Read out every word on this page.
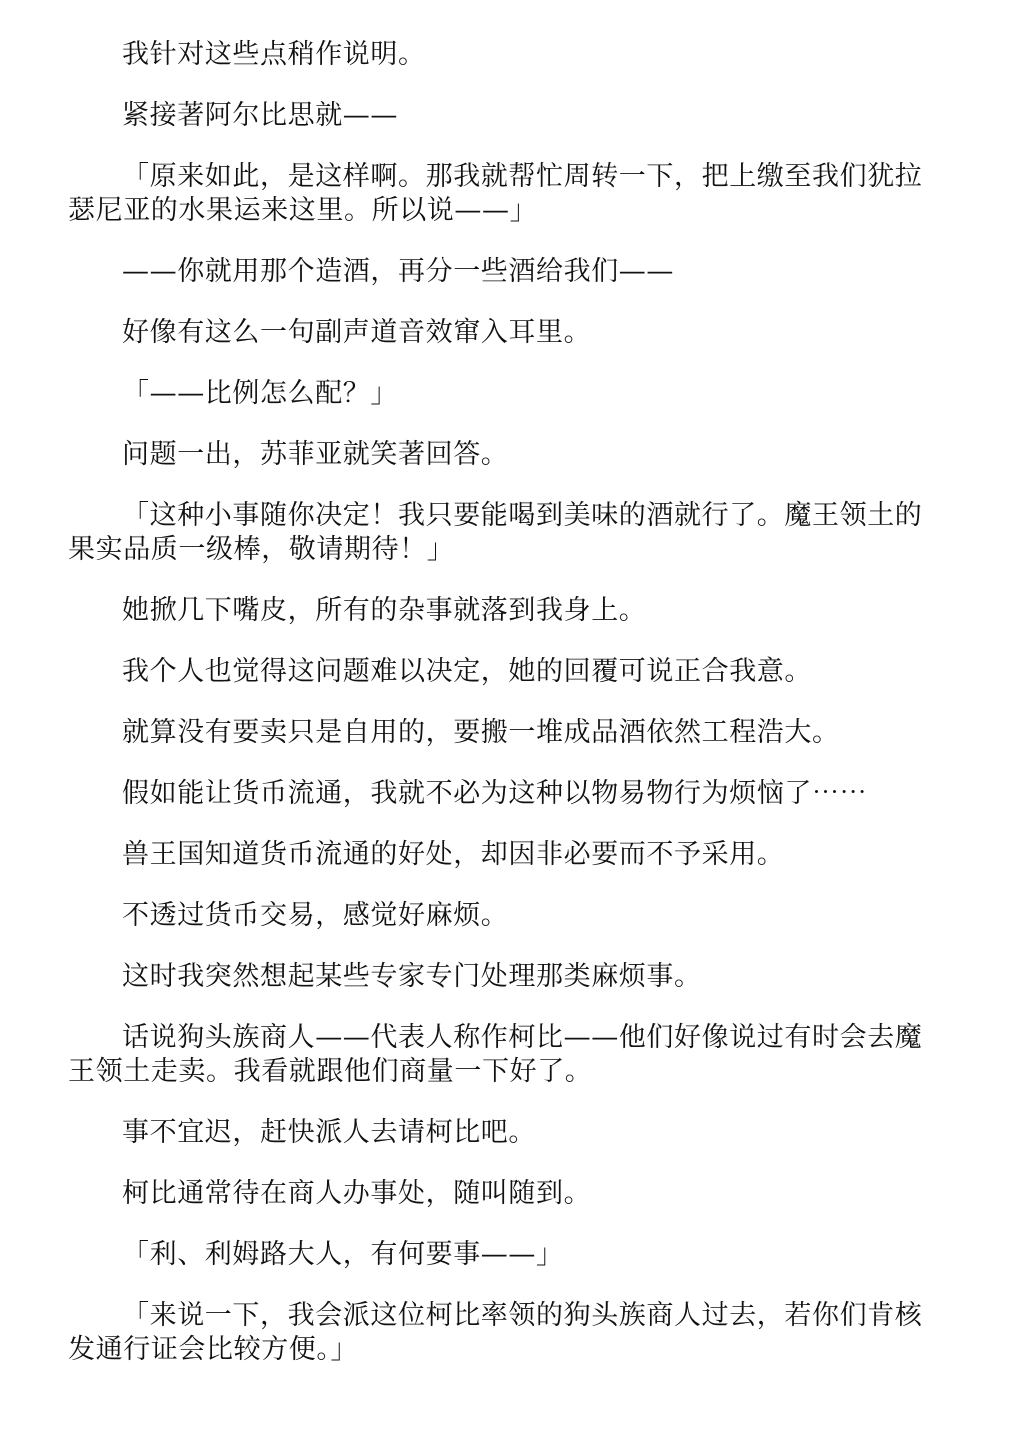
我针对这些点稍作说明。

紧接著阿尔比思就——

「原来如此，是这样啊。那我就帮忙周转一下，把上缴至我们犹拉瑟尼亚的水果运来这里。所以说——」

——你就用那个造酒，再分一些酒给我们——

好像有这么一句副声道音效窜入耳里。

「——比例怎么配？」

问题一出，苏菲亚就笑著回答。

「这种小事随你决定！我只要能喝到美味的酒就行了。魔王领土的果实品质一级棒，敬请期待！」

她掀几下嘴皮，所有的杂事就落到我身上。

我个人也觉得这问题难以决定，她的回覆可说正合我意。

就算没有要卖只是自用的，要搬一堆成品酒依然工程浩大。

假如能让货币流通，我就不必为这种以物易物行为烦恼了⋯⋯

兽王国知道货币流通的好处，却因非必要而不予采用。

不透过货币交易，感觉好麻烦。

这时我突然想起某些专家专门处理那类麻烦事。

话说狗头族商人——代表人称作柯比——他们好像说过有时会去魔王领土走卖。我看就跟他们商量一下好了。

事不宜迟，赶快派人去请柯比吧。

柯比通常待在商人办事处，随叫随到。

「利、利姆路大人，有何要事——」

「来说一下，我会派这位柯比率领的狗头族商人过去，若你们肯核发通行证会比较方便。」
